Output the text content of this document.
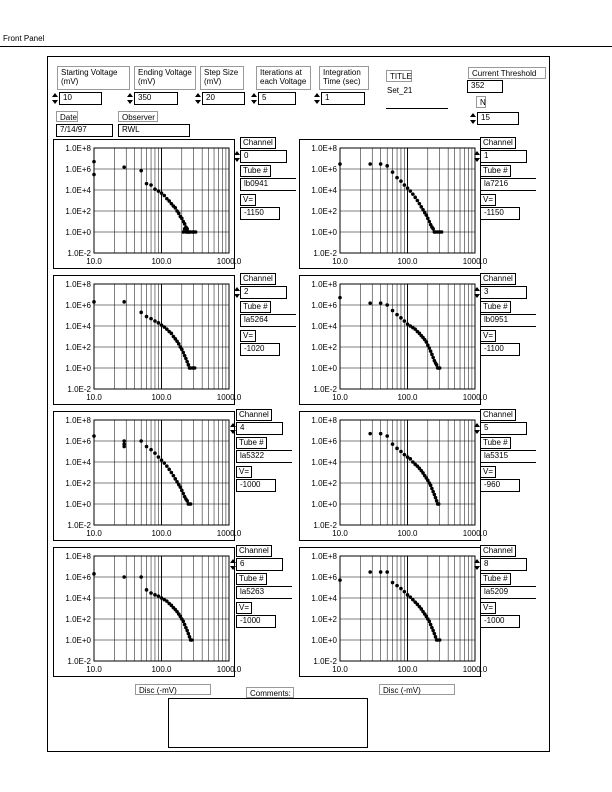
Front Panel
Starting Voltage (mV)
10
Ending Voltage (mV)
350
Step Size (mV)
20
Iterations at each Voltage
5
Integration Time (sec)
1
TITLE
Set_21
Current Threshold
352
N
15
Date
7/14/97
Observer
RWL
1.0E+8
1.0E+6
1.0E+4
1.0E+2
1.0E+0
1.0E-2
10.0	100.0	1000.0
Channel
0
Tube #
lb0941
V=
-1150
1.0E+8
1.0E+6
1.0E+4
1.0E+2
1.0E+0
1.0E-2
10.0	100.0	1000.0
Channel
1
Tube #
la7216
V=
-1150
1.0E+8
1.0E+6
1.0E+4
1.0E+2
1.0E+0
1.0E-2
10.0	100.0	1000.0
Channel
2
Tube #
la5264
V=
-1020
1.0E+8
1.0E+6
1.0E+4
1.0E+2
1.0E+0
1.0E-2
10.0	100.0	1000.0
Channel
3
Tube #
lb0951
V=
-1100
1.0E+8
1.0E+6
1.0E+4
1.0E+2
1.0E+0
1.0E-2
10.0	100.0	1000.0
Channel
4
Tube #
la5322
V=
-1000
1.0E+8
1.0E+6
1.0E+4
1.0E+2
1.0E+0
1.0E-2
10.0	100.0	1000.0
Channel
5
Tube #
la5315
V=
-960
1.0E+8
1.0E+6
1.0E+4
1.0E+2
1.0E+0
1.0E-2
10.0	100.0	1000.0
Channel
6
Tube #
la5263
V=
-1000
1.0E+8
1.0E+6
1.0E+4
1.0E+2
1.0E+0
1.0E-2
10.0	100.0	1000.0
Channel
8
Tube #
la5209
V=
-1000
Disc (-mV)	Disc (-mV)
Comments:
